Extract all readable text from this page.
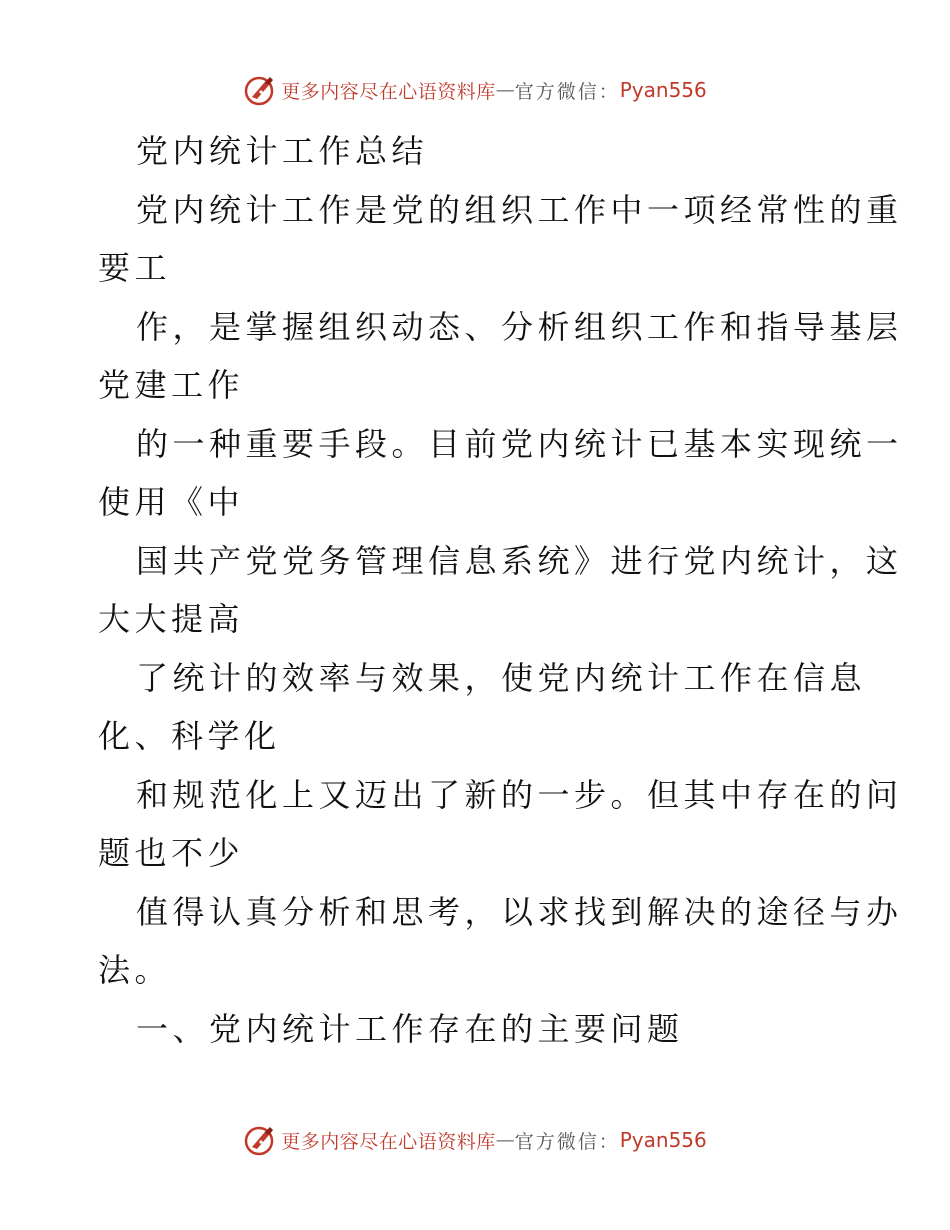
更多内容尽在心语资料库 — 官方微信： Pyan556
党内统计工作总结
党内统计工作是党的组织工作中一项经常性的重
要工
作，是掌握组织动态、分析组织工作和指导基层
党建工作
的一种重要手段。目前党内统计已基本实现统一
使用《中
国共产党党务管理信息系统》进行党内统计，这
大大提高
了统计的效率与效果，使党内统计工作在信息
化、科学化
和规范化上又迈出了新的一步。但其中存在的问
题也不少
值得认真分析和思考，以求找到解决的途径与办
法。
一、党内统计工作存在的主要问题
更多内容尽在心语资料库 — 官方微信： Pyan556
